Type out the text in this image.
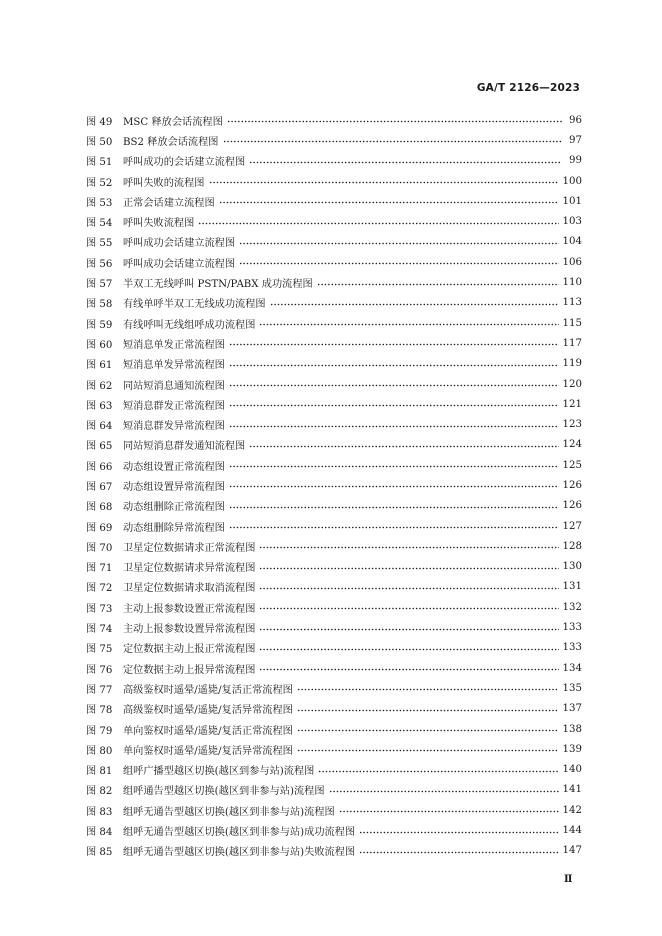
GA/T 2126—2023
图 49	MSC 释放会话流程图	96
图 50	BS2 释放会话流程图	97
图 51	呼叫成功的会话建立流程图	99
图 52	呼叫失败的流程图	100
图 53	正常会话建立流程图	101
图 54	呼叫失败流程图	103
图 55	呼叫成功会话建立流程图	104
图 56	呼叫成功会话建立流程图	106
图 57	半双工无线呼叫 PSTN/PABX 成功流程图	110
图 58	有线单呼半双工无线成功流程图	113
图 59	有线呼叫无线组呼成功流程图	115
图 60	短消息单发正常流程图	117
图 61	短消息单发异常流程图	119
图 62	同站短消息通知流程图	120
图 63	短消息群发正常流程图	121
图 64	短消息群发异常流程图	123
图 65	同站短消息群发通知流程图	124
图 66	动态组设置正常流程图	125
图 67	动态组设置异常流程图	126
图 68	动态组删除正常流程图	126
图 69	动态组删除异常流程图	127
图 70	卫星定位数据请求正常流程图	128
图 71	卫星定位数据请求异常流程图	130
图 72	卫星定位数据请求取消流程图	131
图 73	主动上报参数设置正常流程图	132
图 74	主动上报参数设置异常流程图	133
图 75	定位数据主动上报正常流程图	133
图 76	定位数据主动上报异常流程图	134
图 77	高级鉴权时遥晕/遥毙/复活正常流程图	135
图 78	高级鉴权时遥晕/遥毙/复活异常流程图	137
图 79	单向鉴权时遥晕/遥毙/复活正常流程图	138
图 80	单向鉴权时遥晕/遥毙/复活异常流程图	139
图 81	组呼广播型越区切换(越区到参与站)流程图	140
图 82	组呼通告型越区切换(越区到非参与站)流程图	141
图 83	组呼无通告型越区切换(越区到非参与站)流程图	142
图 84	组呼无通告型越区切换(越区到非参与站)成功流程图	144
图 85	组呼无通告型越区切换(越区到非参与站)失败流程图	147
Ⅱ
